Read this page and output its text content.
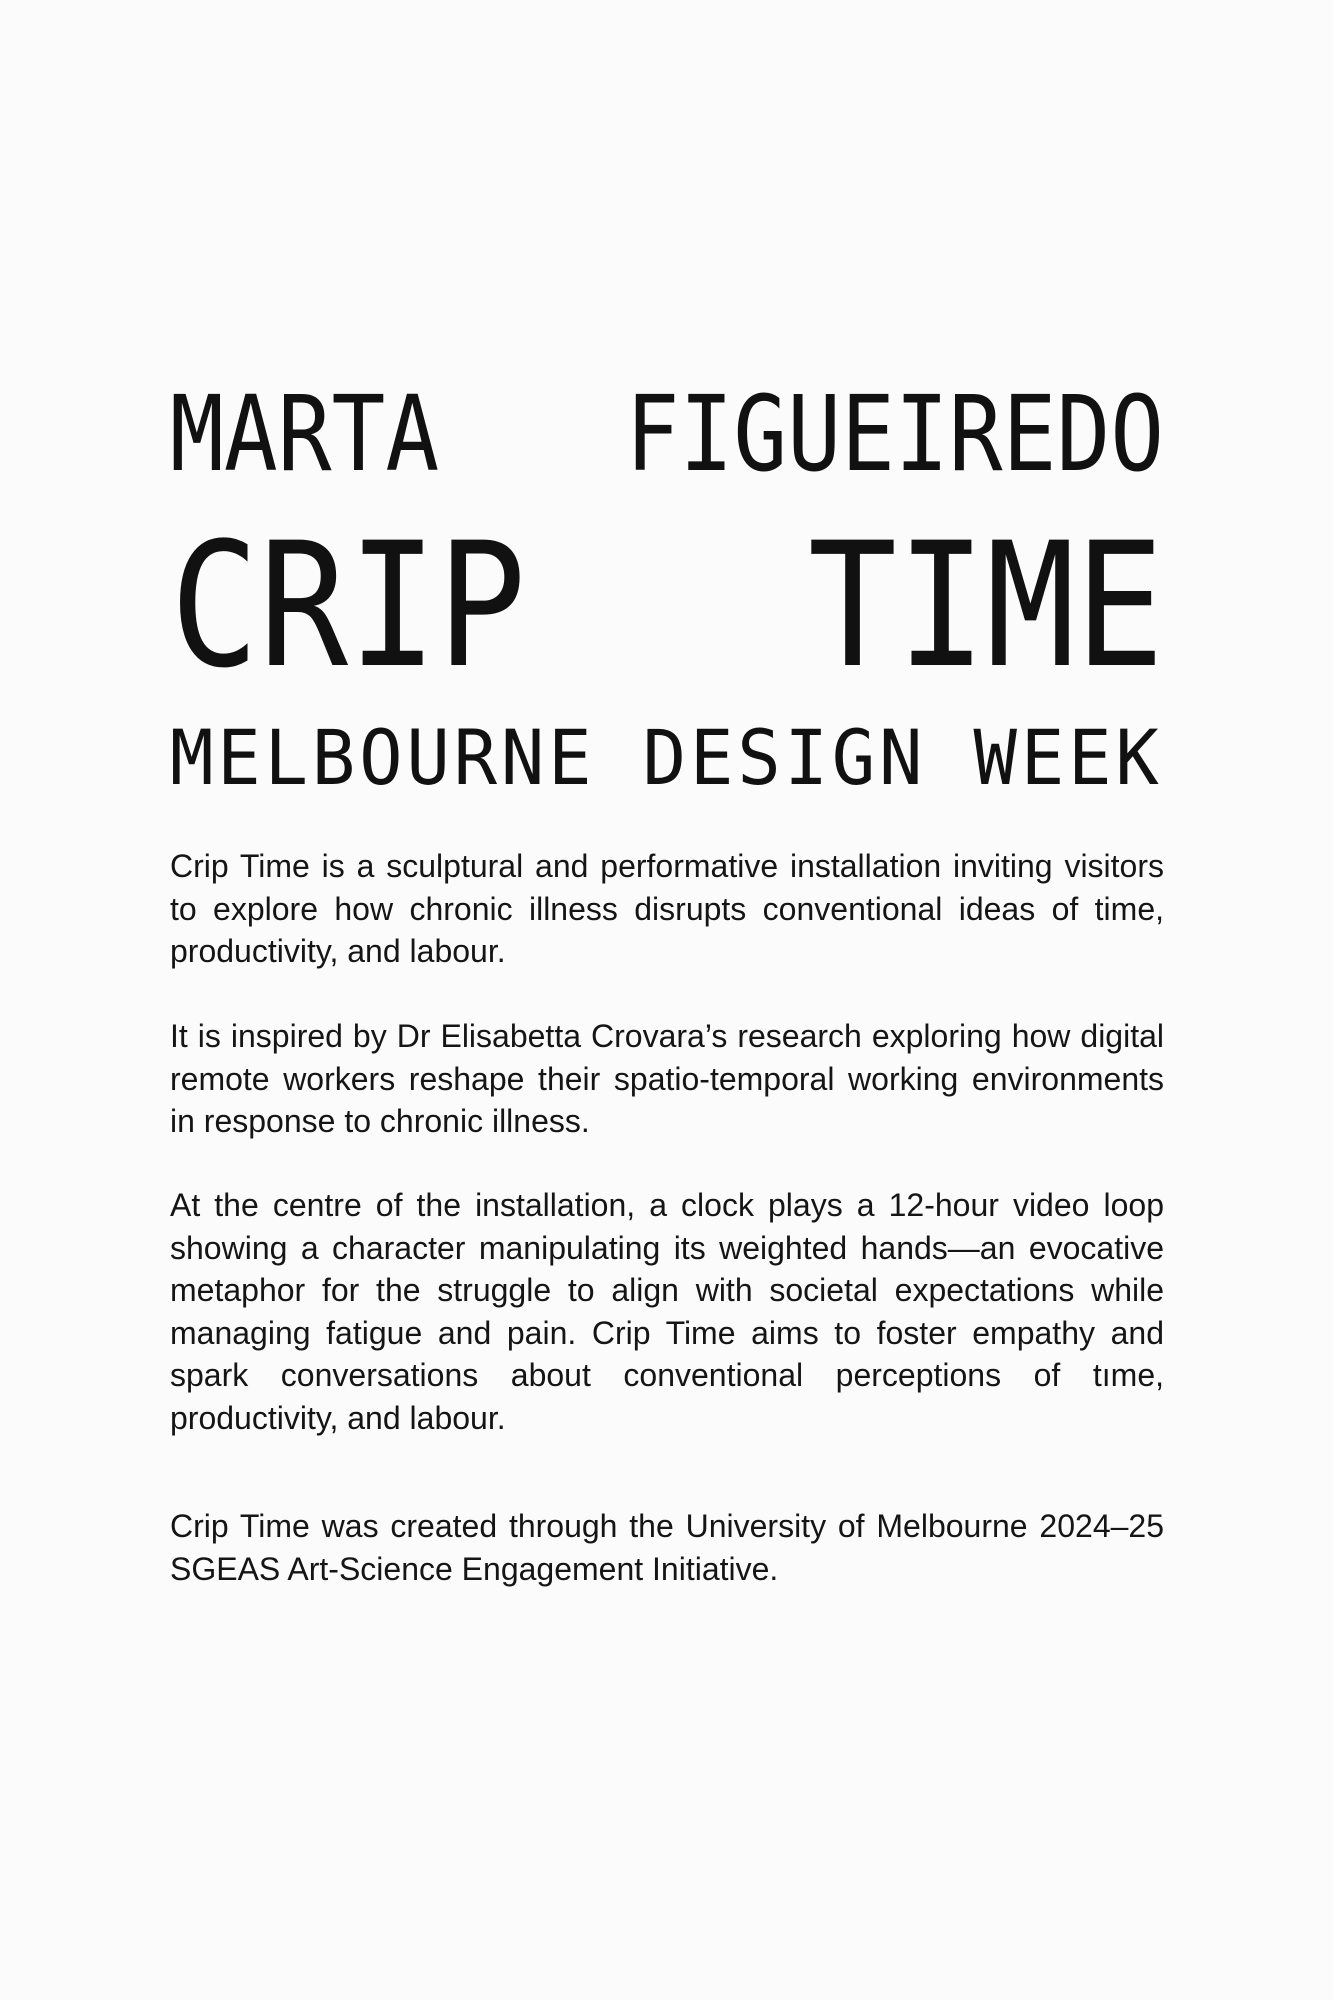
MARTA FIGUEIREDO
CRIP TIME
MELBOURNE DESIGN WEEK

Crip Time is a sculptural and performative installation inviting visitors to explore how chronic illness disrupts conventional ideas of time, productivity, and labour.

It is inspired by Dr Elisabetta Crovara’s research exploring how digital remote workers reshape their spatio-temporal working environments in response to chronic illness.

At the centre of the installation, a clock plays a 12-hour video loop showing a character manipulating its weighted hands—an evocative metaphor for the struggle to align with societal expectations while managing fatigue and pain. Crip Time aims to foster empathy and spark conversations about conventional perceptions of tıme, productivity, and labour.

Crip Time was created through the University of Melbourne 2024–25 SGEAS Art-Science Engagement Initiative.
